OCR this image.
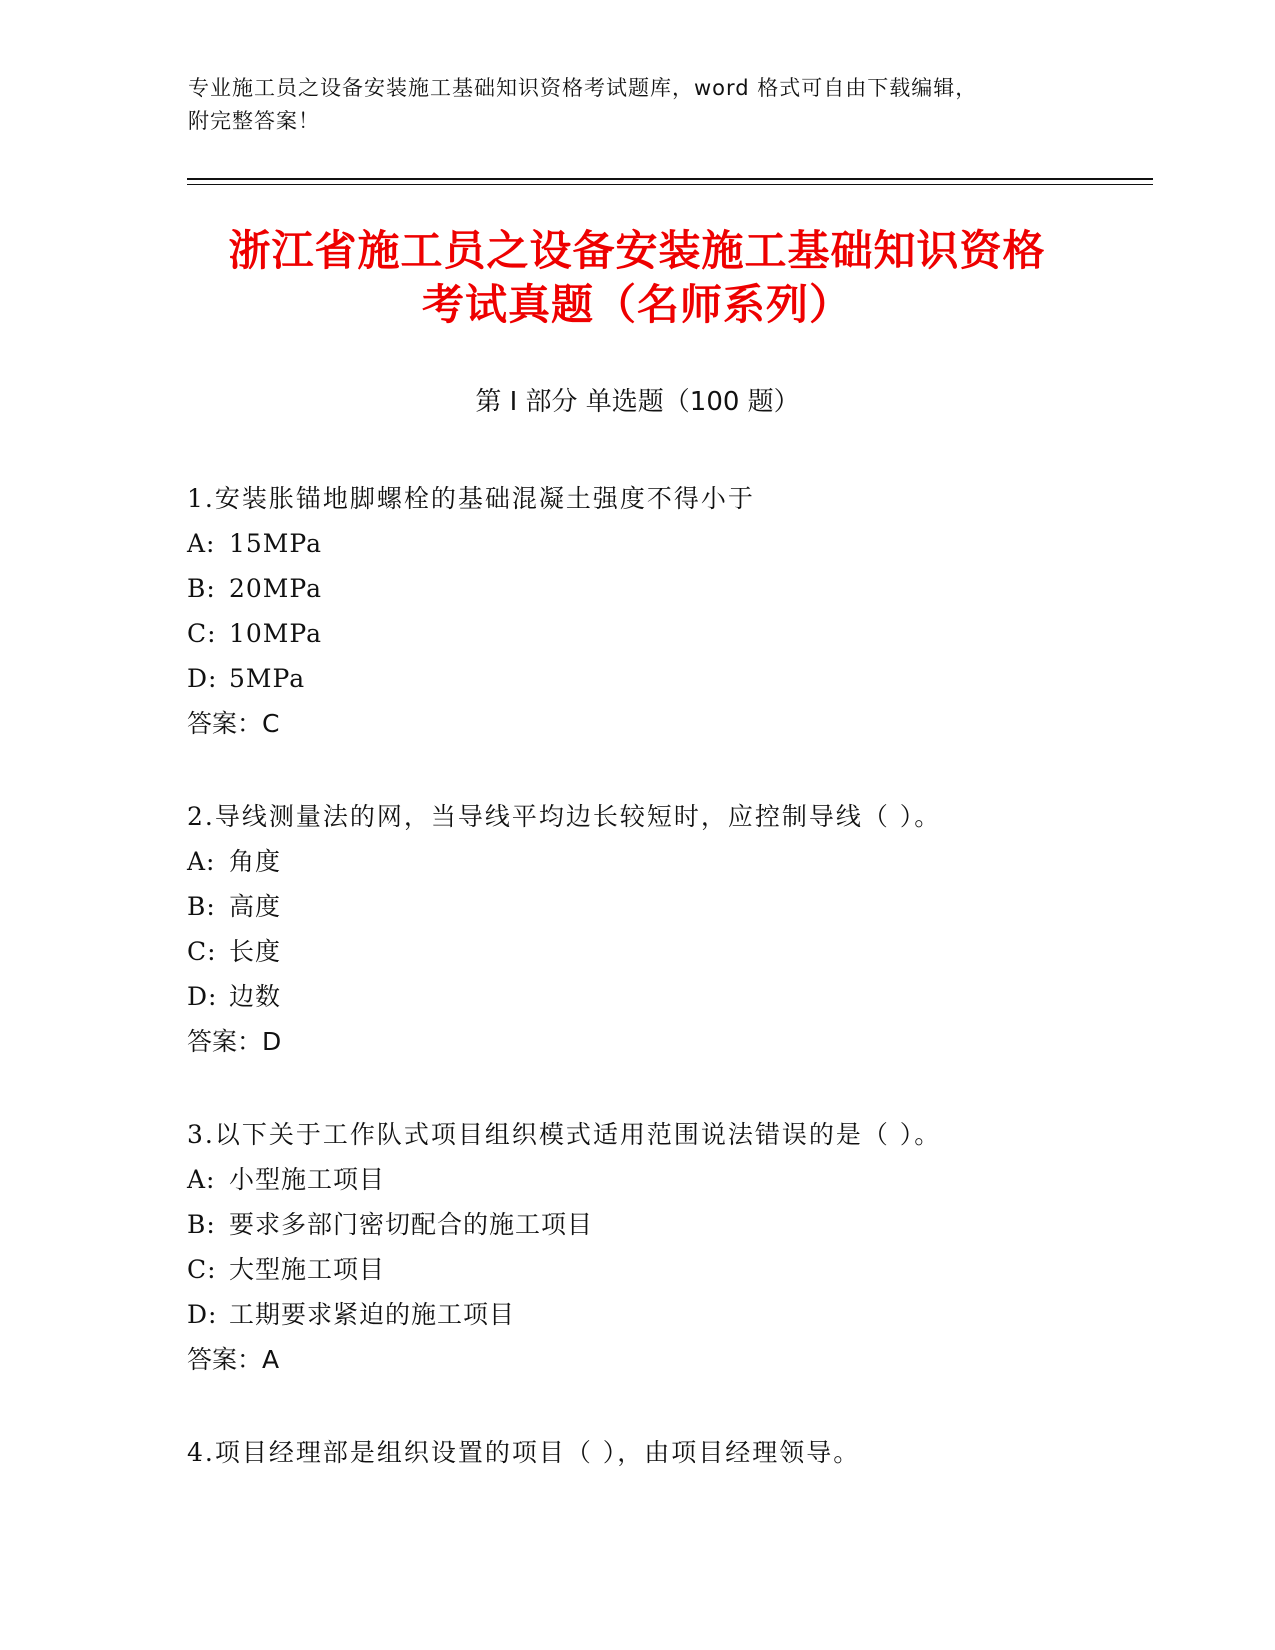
专业施工员之设备安装施工基础知识资格考试题库，word 格式可自由下载编辑，
附完整答案！
浙江省施工员之设备安装施工基础知识资格
考试真题（名师系列）
第 I 部分 单选题（100 题）
1.安装胀锚地脚螺栓的基础混凝土强度不得小于
A: 15MPa
B: 20MPa
C: 10MPa
D: 5MPa
答案：C
2.导线测量法的网，当导线平均边长较短时，应控制导线（ ）。
A: 角度
B: 高度
C: 长度
D: 边数
答案：D
3.以下关于工作队式项目组织模式适用范围说法错误的是（ ）。
A: 小型施工项目
B: 要求多部门密切配合的施工项目
C: 大型施工项目
D: 工期要求紧迫的施工项目
答案：A
4.项目经理部是组织设置的项目（ ），由项目经理领导。
